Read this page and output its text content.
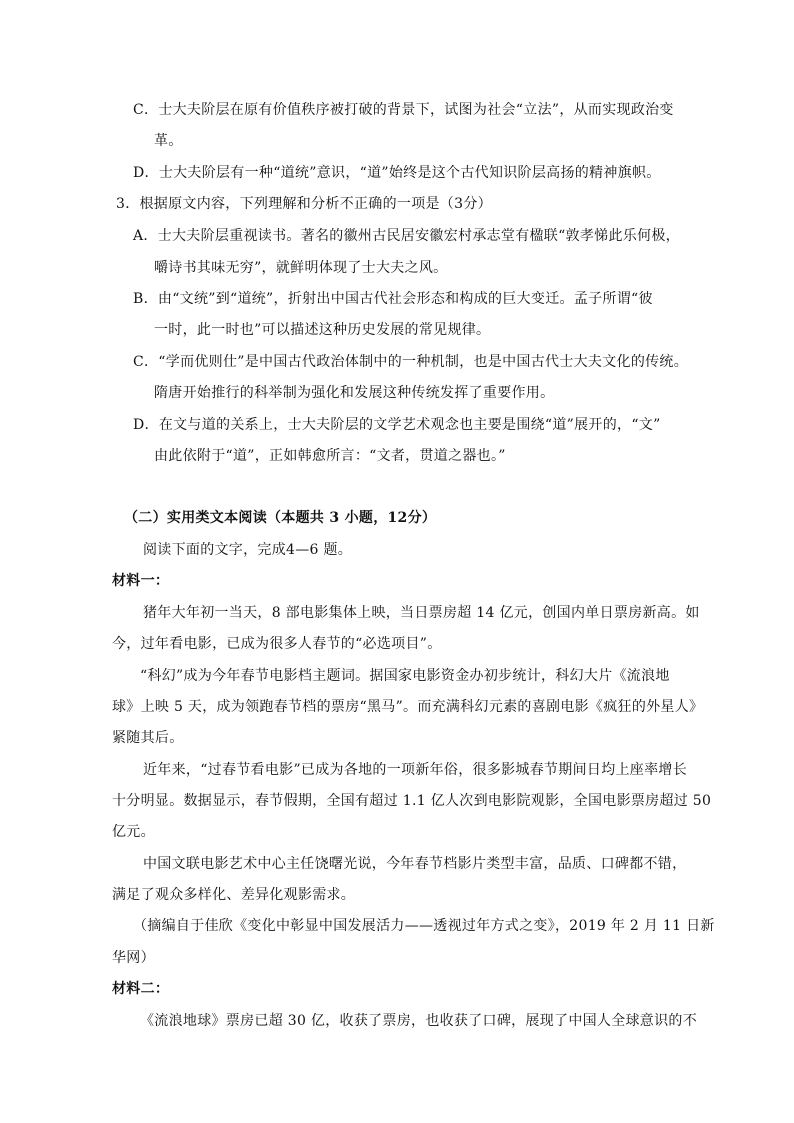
C．士大夫阶层在原有价值秩序被打破的背景下，试图为社会“立法”，从而实现政治变
革。
D．士大夫阶层有一种“道统”意识，“道”始终是这个古代知识阶层高扬的精神旗帜。
3．根据原文内容，下列理解和分析不正确的一项是（3分）
A．士大夫阶层重视读书。著名的徽州古民居安徽宏村承志堂有楹联“敦孝悌此乐何极，
嚼诗书其味无穷”，就鲜明体现了士大夫之风。
B．由“文统”到“道统”，折射出中国古代社会形态和构成的巨大变迁。孟子所谓“彼
一时，此一时也”可以描述这种历史发展的常见规律。
C．“学而优则仕”是中国古代政治体制中的一种机制，也是中国古代士大夫文化的传统。
隋唐开始推行的科举制为强化和发展这种传统发挥了重要作用。
D．在文与道的关系上，士大夫阶层的文学艺术观念也主要是围绕“道”展开的，“文”
由此依附于“道”，正如韩愈所言：“文者，贯道之器也。”
（二）实用类文本阅读（本题共 3 小题，12分）
阅读下面的文字，完成4—6 题。
材料一：
猪年大年初一当天，8 部电影集体上映，当日票房超 14 亿元，创国内单日票房新高。如
今，过年看电影，已成为很多人春节的“必选项目”。
“科幻”成为今年春节电影档主题词。据国家电影资金办初步统计，科幻大片《流浪地
球》上映 5 天，成为领跑春节档的票房“黑马”。而充满科幻元素的喜剧电影《疯狂的外星人》
紧随其后。
近年来，“过春节看电影”已成为各地的一项新年俗，很多影城春节期间日均上座率增长
十分明显。数据显示，春节假期，全国有超过 1.1 亿人次到电影院观影，全国电影票房超过 50
亿元。
中国文联电影艺术中心主任饶曙光说，今年春节档影片类型丰富，品质、口碑都不错，
满足了观众多样化、差异化观影需求。
（摘编自于佳欣《变化中彰显中国发展活力——透视过年方式之变》，2019 年 2 月 11 日新
华网）
材料二：
《流浪地球》票房已超 30 亿，收获了票房，也收获了口碑，展现了中国人全球意识的不
